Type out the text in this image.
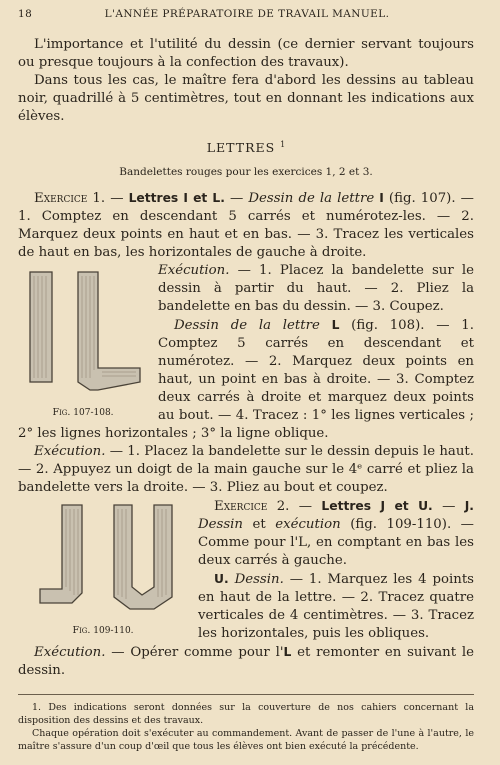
18	L'ANNÉE PRÉPARATOIRE DE TRAVAIL MANUEL.

L'importance et l'utilité du dessin (ce dernier servant toujours ou presque toujours à la confection des travaux).

Dans tous les cas, le maître fera d'abord les dessins au tableau noir, quadrillé à 5 centimètres, tout en donnant les indications aux élèves.

LETTRES $^1$

Bandelettes rouges pour les exercices 1, 2 et 3.

Exercice 1. — Lettres I et L. — Dessin de la lettre I (fig. 107). — 1. Comptez en descendant 5 carrés et numérotez-les. — 2. Marquez deux points en haut et en bas. — 3. Tracez les verticales de haut en bas, les horizontales de gauche à droite.

Fig. 107-108.

Exécution. — 1. Placez la bandelette sur le dessin à partir du haut. — 2. Pliez la bandelette en bas du dessin. — 3. Coupez.

Dessin de la lettre L (fig. 108). — 1. Comptez 5 carrés en descendant et numérotez. — 2. Marquez deux points en haut, un point en bas à droite. — 3. Comptez deux carrés à droite et marquez deux points au bout. — 4. Tracez : 1° les lignes verticales ; 2° les lignes horizontales ; 3° la ligne oblique.

Exécution. — 1. Placez la bandelette sur le dessin depuis le haut. — 2. Appuyez un doigt de la main gauche sur le 4ᵉ carré et pliez la bandelette vers la droite. — 3. Pliez au bout et coupez.

Fig. 109-110.

Exercice 2. — Lettres J et U. — J. Dessin et exécution (fig. 109-110). — Comme pour l'L, en comptant en bas les deux carrés à gauche.

U. Dessin. — 1. Marquez les 4 points en haut de la lettre. — 2. Tracez quatre verticales de 4 centimètres. — 3. Tracez les horizontales, puis les obliques.

Exécution. — Opérer comme pour l'L et remonter en suivant le dessin.

1. Des indications seront données sur la couverture de nos cahiers concernant la disposition des dessins et des travaux.

Chaque opération doit s'exécuter au commandement. Avant de passer de l'une à l'autre, le maître s'assure d'un coup d'œil que tous les élèves ont bien exécuté la précédente.
